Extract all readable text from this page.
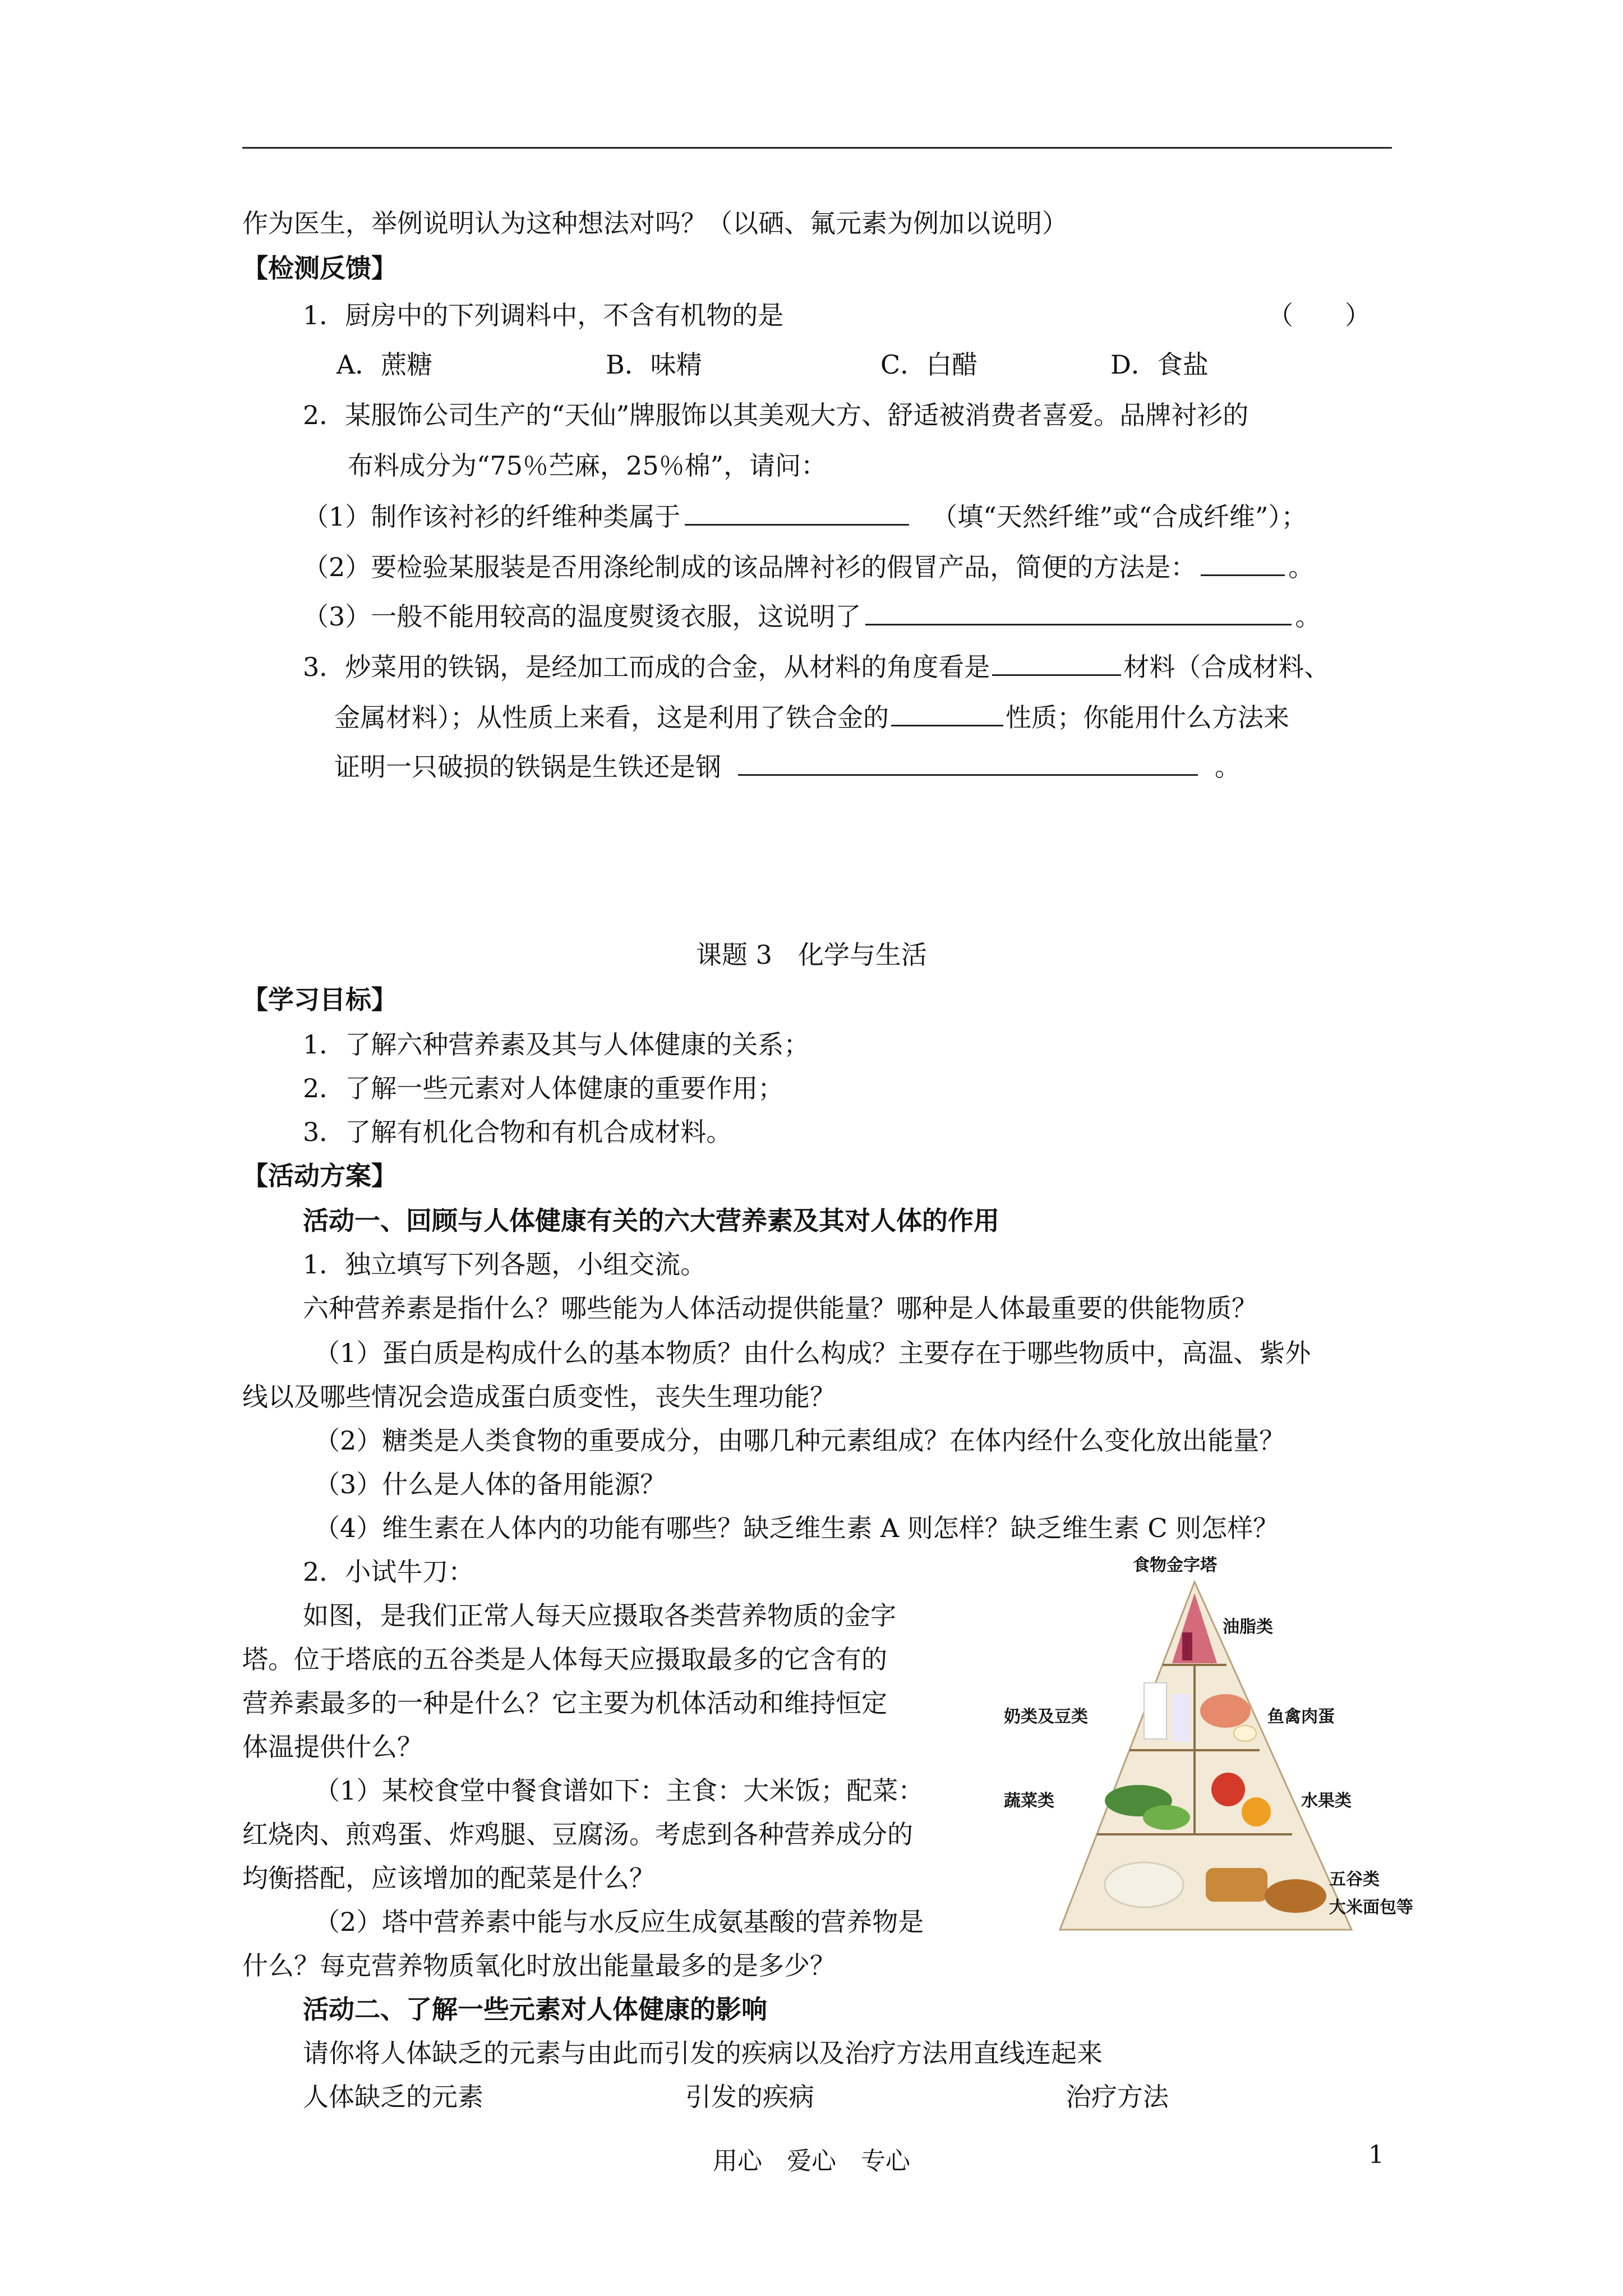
作为医生，举例说明认为这种想法对吗？（以硒、氟元素为例加以说明）
【检测反馈】
1．厨房中的下列调料中，不含有机物的是	（　　）
A．蔗糖	B．味精	C．白醋	D．食盐
2．某服饰公司生产的“天仙”牌服饰以其美观大方、舒适被消费者喜爱。品牌衬衫的
布料成分为“75％苎麻，25％棉”，请问：
（1）制作该衬衫的纤维种类属于	（填“天然纤维”或“合成纤维”）；
（2）要检验某服装是否用涤纶制成的该品牌衬衫的假冒产品，简便的方法是：	。
（3）一般不能用较高的温度熨烫衣服，这说明了	。
3．炒菜用的铁锅，是经加工而成的合金，从材料的角度看是	材料（合成材料、
金属材料）；从性质上来看，这是利用了铁合金的	性质；你能用什么方法来
证明一只破损的铁锅是生铁还是钢	。
课题 3　化学与生活
【学习目标】
1．了解六种营养素及其与人体健康的关系；
2．了解一些元素对人体健康的重要作用；
3．了解有机化合物和有机合成材料。
【活动方案】
活动一、回顾与人体健康有关的六大营养素及其对人体的作用
1．独立填写下列各题，小组交流。
六种营养素是指什么？哪些能为人体活动提供能量？哪种是人体最重要的供能物质？
（1）蛋白质是构成什么的基本物质？由什么构成？主要存在于哪些物质中，高温、紫外
线以及哪些情况会造成蛋白质变性，丧失生理功能？
（2）糖类是人类食物的重要成分，由哪几种元素组成？在体内经什么变化放出能量？
（3）什么是人体的备用能源？
（4）维生素在人体内的功能有哪些？缺乏维生素 A 则怎样？缺乏维生素 C 则怎样？
2．小试牛刀：
如图，是我们正常人每天应摄取各类营养物质的金字
塔。位于塔底的五谷类是人体每天应摄取最多的它含有的
营养素最多的一种是什么？它主要为机体活动和维持恒定
体温提供什么？
（1）某校食堂中餐食谱如下：主食：大米饭；配菜：
红烧肉、煎鸡蛋、炸鸡腿、豆腐汤。考虑到各种营养成分的
均衡搭配，应该增加的配菜是什么？
（2）塔中营养素中能与水反应生成氨基酸的营养物是
什么？每克营养物质氧化时放出能量最多的是多少？
活动二、了解一些元素对人体健康的影响
请你将人体缺乏的元素与由此而引发的疾病以及治疗方法用直线连起来
人体缺乏的元素	引发的疾病	治疗方法
食物金字塔
油脂类
奶类及豆类	鱼禽肉蛋
蔬菜类	水果类
五谷类
大米面包等
用心　爱心　专心	1
